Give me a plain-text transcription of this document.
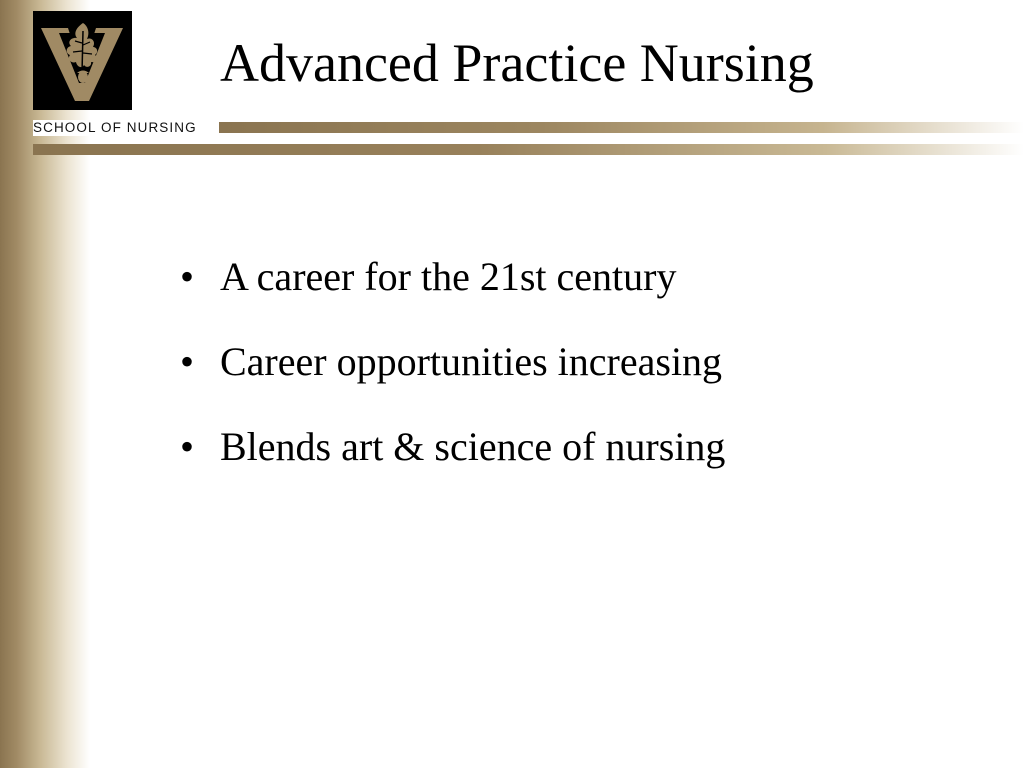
SCHOOL OF NURSING
Advanced Practice Nursing
• A career for the 21st century
• Career opportunities increasing
• Blends art & science of nursing
